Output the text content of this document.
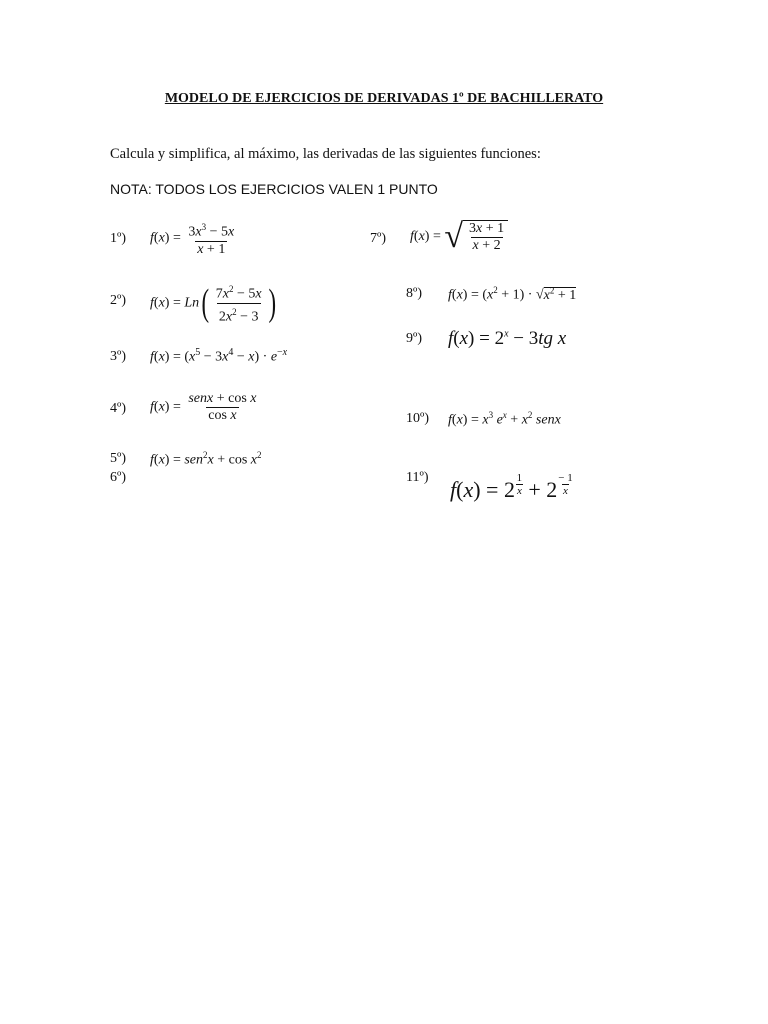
MODELO DE EJERCICIOS DE DERIVADAS 1º DE BACHILLERATO
Calcula y simplifica, al máximo, las derivadas de las siguientes funciones:
NOTA: TODOS LOS EJERCICIOS VALEN 1 PUNTO
1º)
2º)
3º)
4º)
5º)
6º)
7º)
8º)
9º)
10º)
11º)
$f(x) = \frac{3x^3 - 5x}{x + 1}$
$f(x) = Ln( \frac{7x^2 - 5x}{2x^2 - 3}$ )
$f(x) = (x^5 - 3x^4 - x) \cdot e^{-x}$
$f(x) = \frac{\text{senx + cos x}}{\text{cos x}}$
$f(x) = sen^2x + \cos x^2$
f(x) = √ $\frac{3x + 1}{x + 2}$
$f(x) = (x^2 + 1) \cdot √x^2 + 1$
$f(x) = 2^x - 3tg$ x
$f(x) = x^3$ $e^x + x^2$ senx
$f(x) = 2 \frac{1}{x} + 2 \frac{- 1}{x}$
